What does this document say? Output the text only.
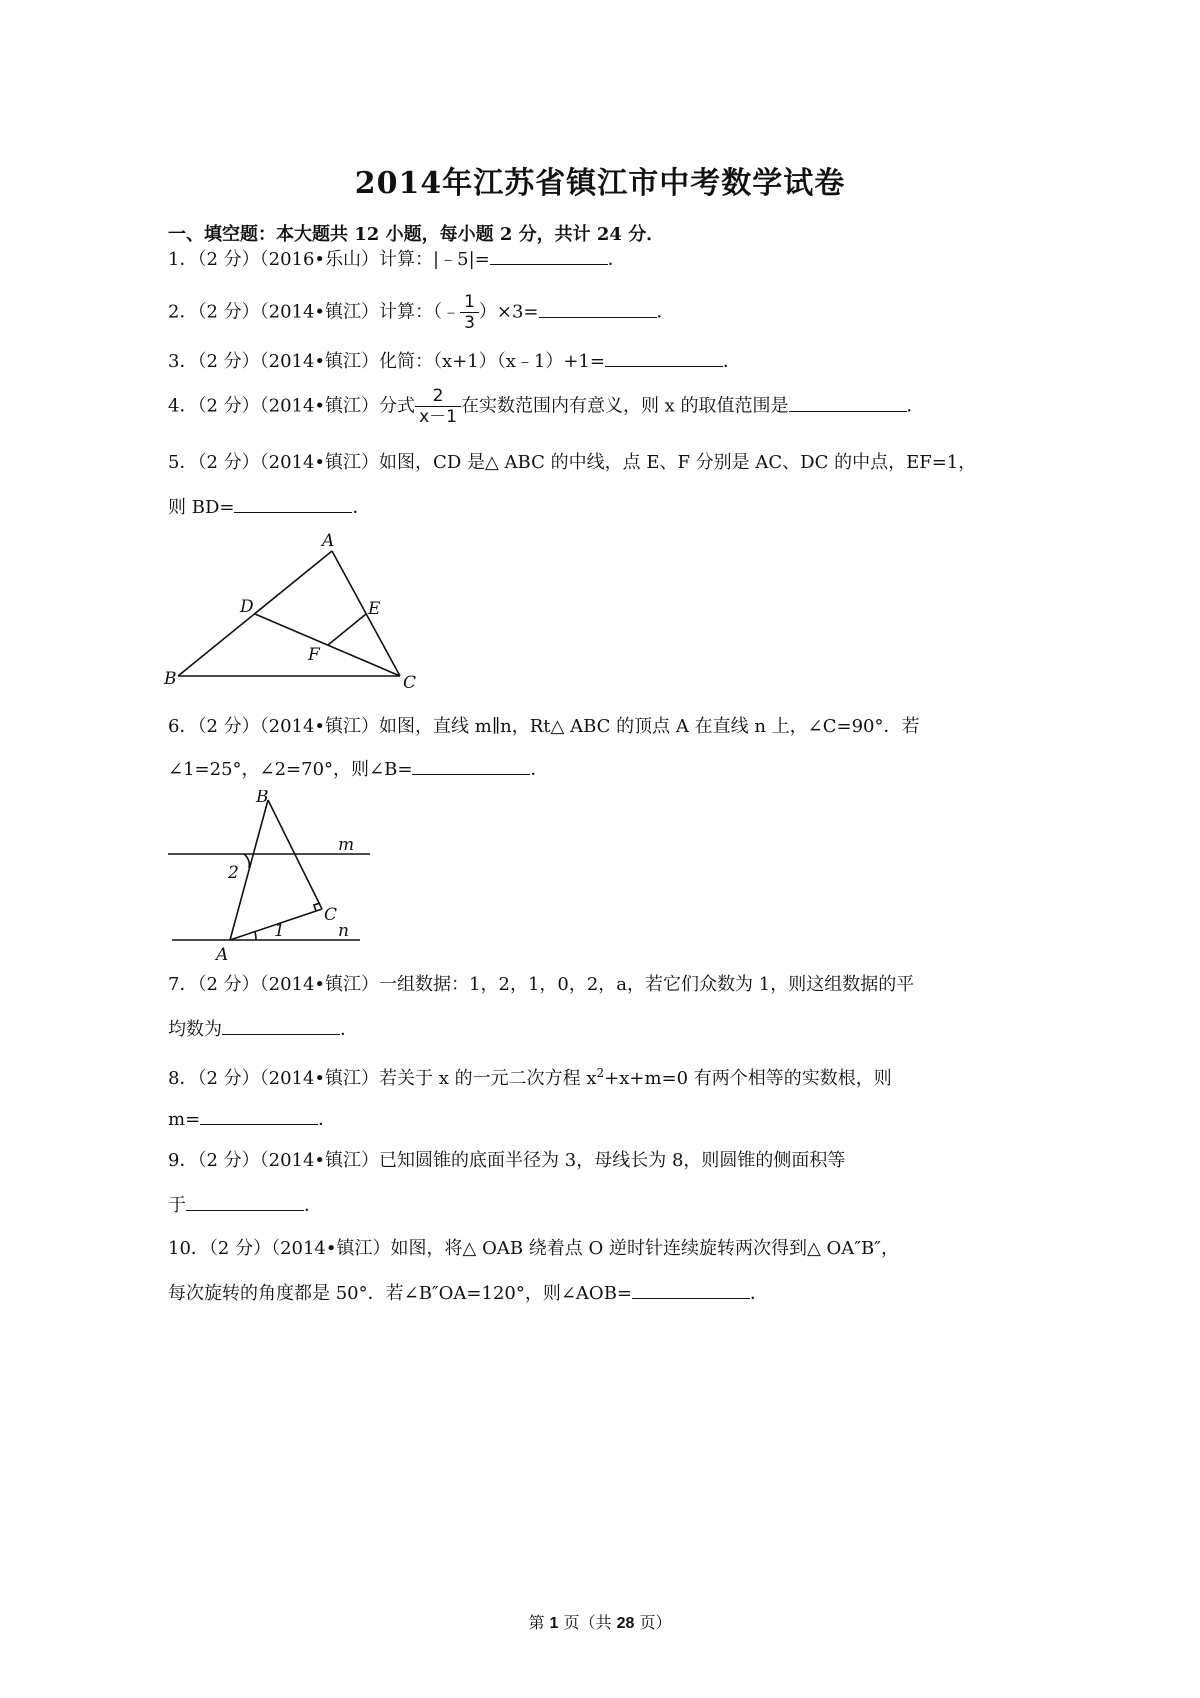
2014年江苏省镇江市中考数学试卷
一、填空题：本大题共 12 小题，每小题 2 分，共计 24 分．
1．（2 分）（2016•乐山）计算：|﹣5|=	．
2．（2 分）（2014•镇江）计算：（﹣ $\frac{1}{3} )\times 3=$	．
3．（2 分）（2014•镇江）化简：（x+1）（x﹣1）+1=	．
4．（2 分）（2014•镇江）分式 $\frac{2}{x-1}$ 在实数范围内有意义，则 x 的取值范围是	．
5．（2 分）（2014•镇江）如图，CD 是△ ABC 的中线，点 E、F 分别是 AC、DC 的中点，EF=1，
则 BD=	．
A
B	C
D	E
F
6．（2 分）（2014•镇江）如图，直线 m∥n，Rt△ ABC 的顶点 A 在直线 n 上，∠C=90°．若
∠1=25°，∠2=70°，则∠B=	．
B
C
A
m
n
2
1
7．（2 分）（2014•镇江）一组数据：1，2，1，0，2，a，若它们众数为 1，则这组数据的平
均数为	．
8．（2 分）（2014•镇江）若关于 x 的一元二次方程 $x^2+x+m=0$ 有两个相等的实数根，则
m=	．
9．（2 分）（2014•镇江）已知圆锥的底面半径为 3，母线长为 8，则圆锥的侧面积等
于	．
10．（2 分）（2014•镇江）如图，将△ OAB 绕着点 O 逆时针连续旋转两次得到△ OA″B″，
每次旋转的角度都是 50°．若∠B″OA=120°，则∠AOB=	．
第 1 页（共 28 页）
